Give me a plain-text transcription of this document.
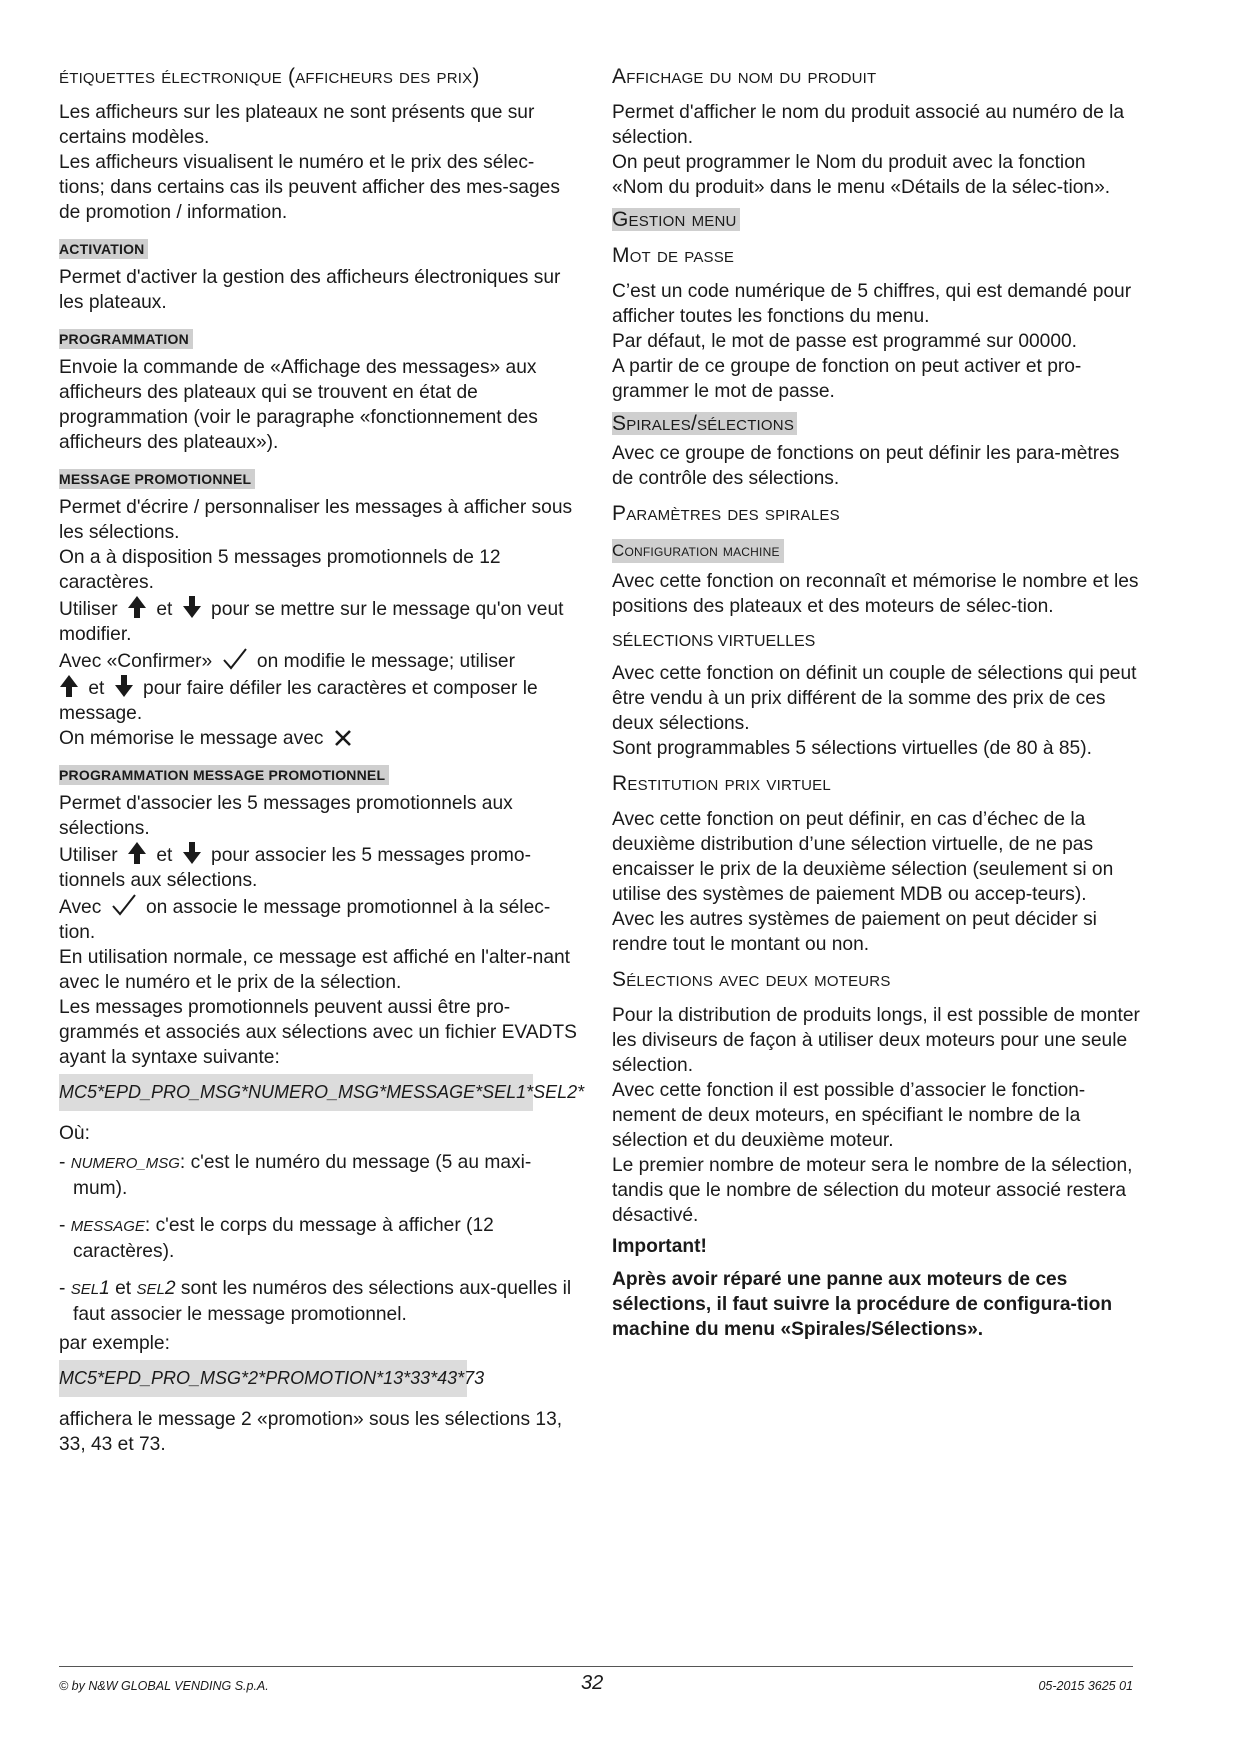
étiquettes électronique (afficheurs des prix)

Les afficheurs sur les plateaux ne sont présents que sur certains modèles.
Les afficheurs visualisent le numéro et le prix des sélec-tions; dans certains cas ils peuvent afficher des mes-sages de promotion / information.

ACTIVATION

Permet d'activer la gestion des afficheurs électroniques sur les plateaux.

PROGRAMMATION

Envoie la commande de «Affichage des messages» aux afficheurs des plateaux qui se trouvent en état de programmation (voir le paragraphe «fonctionnement des afficheurs des plateaux»).

MESSAGE PROMOTIONNEL

Permet d'écrire / personnaliser les messages à afficher sous les sélections.
On a à disposition 5 messages promotionnels de 12 caractères.
Utiliser et pour se mettre sur le message qu'on veut modifier.
Avec «Confirmer» on modifie le message; utiliser
et pour faire défiler les caractères et composer le message.
On mémorise le message avec

PROGRAMMATION MESSAGE PROMOTIONNEL

Permet d'associer les 5 messages promotionnels aux sélections.
Utiliser et pour associer les 5 messages promo-tionnels aux sélections.
Avec on associe le message promotionnel à la sélec-tion.
En utilisation normale, ce message est affiché en l'alter-nant avec le numéro et le prix de la sélection.
Les messages promotionnels peuvent aussi être pro-grammés et associés aux sélections avec un fichier EVADTS ayant la syntaxe suivante:

MC5*EPD_PRO_MSG*NUMERO_MSG*MESSAGE*SEL1*SEL2*

Où:

- NUMERO_MSG: c'est le numéro du message (5 au maxi-mum).
- MESSAGE: c'est le corps du message à afficher (12 caractères).
- SEL1 et SEL2 sont les numéros des sélections aux-quelles il faut associer le message promotionnel.

par exemple:

MC5*EPD_PRO_MSG*2*PROMOTION*13*33*43*73

affichera le message 2 «promotion» sous les sélections 13, 33, 43 et 73.

Affichage du nom du produit

Permet d'afficher le nom du produit associé au numéro de la sélection.
On peut programmer le Nom du produit avec la fonction «Nom du produit» dans le menu «Détails de la sélec-tion».

Gestion menu
Mot de passe

C’est un code numérique de 5 chiffres, qui est demandé pour afficher toutes les fonctions du menu.
Par défaut, le mot de passe est programmé sur 00000.
A partir de ce groupe de fonction on peut activer et pro-grammer le mot de passe.

Spirales/sélections

Avec ce groupe de fonctions on peut définir les para-mètres de contrôle des sélections.

Paramètres des spirales
Configuration machine

Avec cette fonction on reconnaît et mémorise le nombre et les positions des plateaux et des moteurs de sélec-tion.

SÉLECTIONS VIRTUELLES

Avec cette fonction on définit un couple de sélections qui peut être vendu à un prix différent de la somme des prix de ces deux sélections.
Sont programmables 5 sélections virtuelles (de 80 à 85).

Restitution prix virtuel

Avec cette fonction on peut définir, en cas d’échec de la deuxième distribution d’une sélection virtuelle, de ne pas encaisser le prix de la deuxième sélection (seulement si on utilise des systèmes de paiement MDB ou accep-teurs).
Avec les autres systèmes de paiement on peut décider si rendre tout le montant ou non.

Sélections avec deux moteurs

Pour la distribution de produits longs, il est possible de monter les diviseurs de façon à utiliser deux moteurs pour une seule sélection.
Avec cette fonction il est possible d’associer le fonction-nement de deux moteurs, en spécifiant le nombre de la sélection et du deuxième moteur.
Le premier nombre de moteur sera le nombre de la sélection, tandis que le nombre de sélection du moteur associé restera désactivé.

Important!

Après avoir réparé une panne aux moteurs de ces sélections, il faut suivre la procédure de configura-tion machine du menu «Spirales/Sélections».

© by N&W GLOBAL VENDING S.p.A.	32	05-2015 3625 01
